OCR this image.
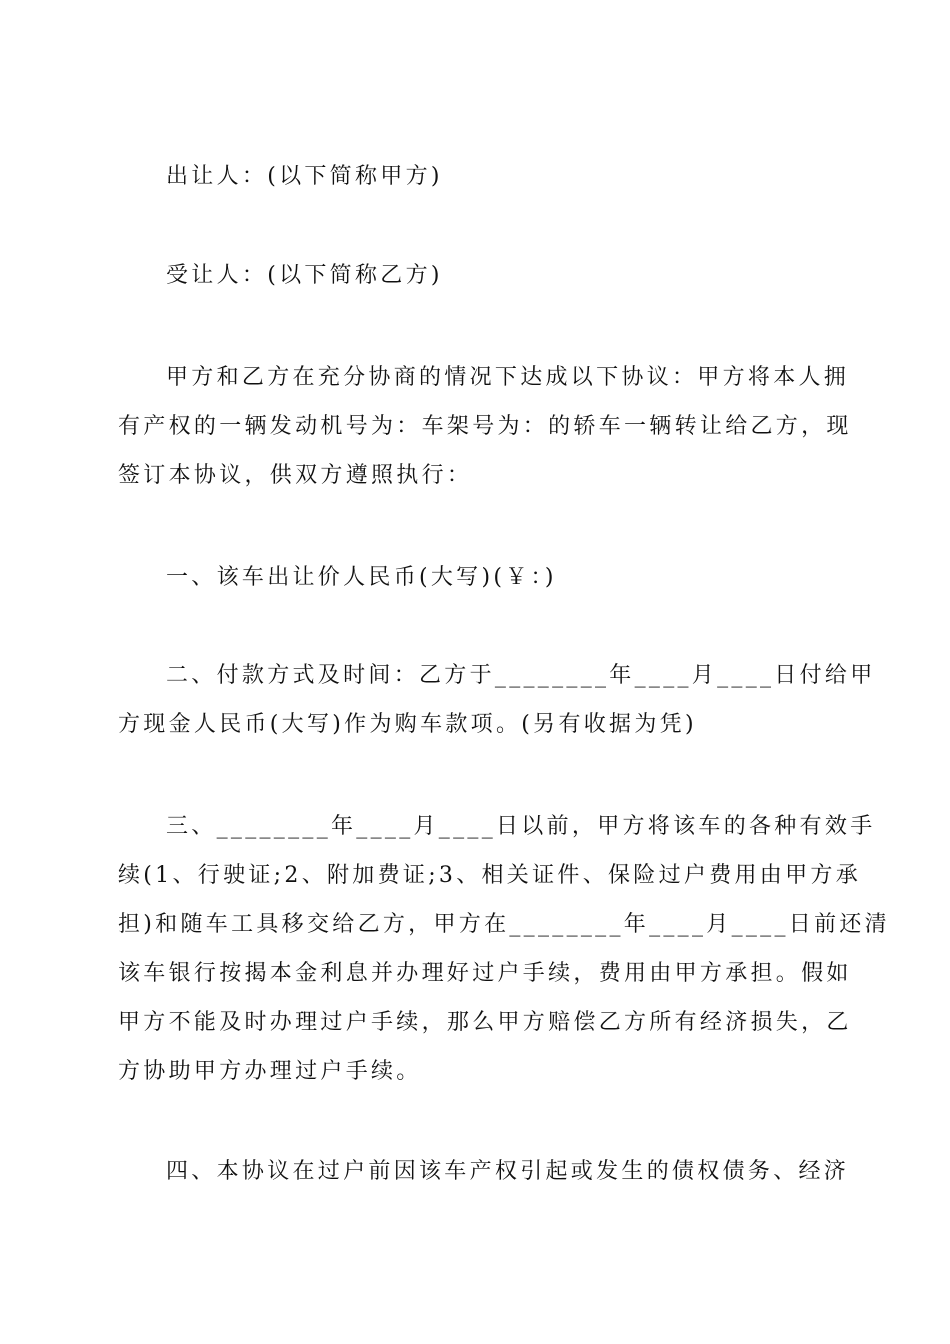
出让人：(以下简称甲方)

受让人：(以下简称乙方)

甲方和乙方在充分协商的情况下达成以下协议：甲方将本人拥
有产权的一辆发动机号为：车架号为：的轿车一辆转让给乙方，现
签订本协议，供双方遵照执行：

一、该车出让价人民币(大写)(￥：)

二、付款方式及时间：乙方于________年____月____日付给甲
方现金人民币(大写)作为购车款项。(另有收据为凭)

三、________年____月____日以前，甲方将该车的各种有效手
续(1、行驶证;2、附加费证;3、相关证件、保险过户费用由甲方承
担)和随车工具移交给乙方，甲方在________年____月____日前还清
该车银行按揭本金利息并办理好过户手续，费用由甲方承担。假如
甲方不能及时办理过户手续，那么甲方赔偿乙方所有经济损失，乙
方协助甲方办理过户手续。

四、本协议在过户前因该车产权引起或发生的债权债务、经济
